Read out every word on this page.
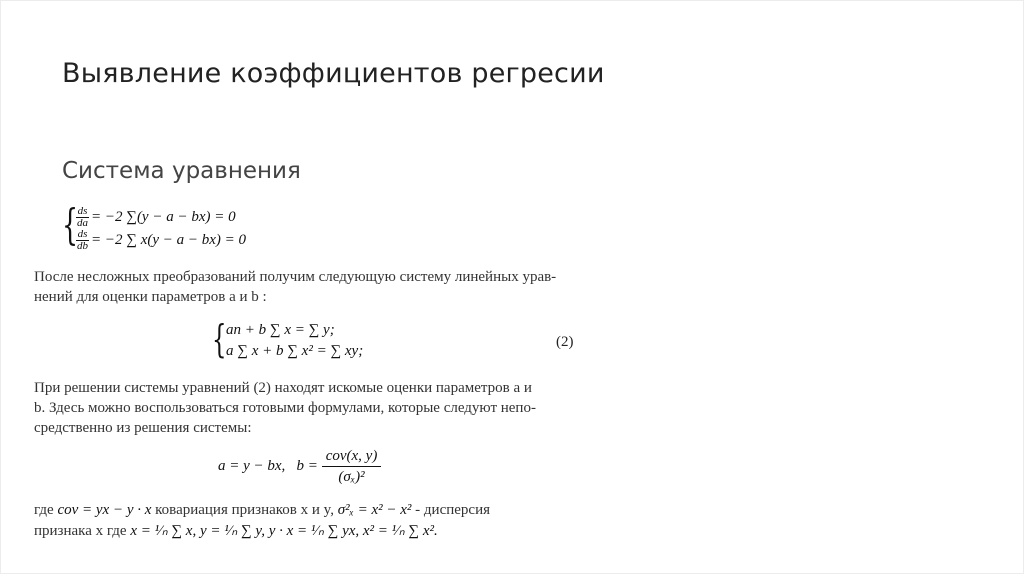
Выявление коэффициентов регресии
Система уравнения
{
$\frac{ds}{da} = -2$ ∑(y − a − bx) = 0
$\frac{ds}{db} = -2$ ∑ x(y − a − bx) = 0
После несложных преобразований получим следующую систему линейных урав-
нений для оценки параметров a и b :
{ an + b ∑ x = ∑ y;
a ∑ x + b ∑ x² = ∑ xy;
(2)
При решении системы уравнений (2) находят искомые оценки параметров a и
b. Здесь можно воспользоваться готовыми формулами, которые следуют непо-
средственно из решения системы:
a = y − bx,   $b = \frac{\text{cov(x, y)}}{\text{(σₓ)²}}$
где cov = yx − y · x ковариация признаков x и y, σ²ₓ = x² − x² - дисперсия
признака x где x = ¹⁄ₙ ∑ x, y = ¹⁄ₙ ∑ y, y · x = ¹⁄ₙ ∑ yx, x² = ¹⁄ₙ ∑ x².
